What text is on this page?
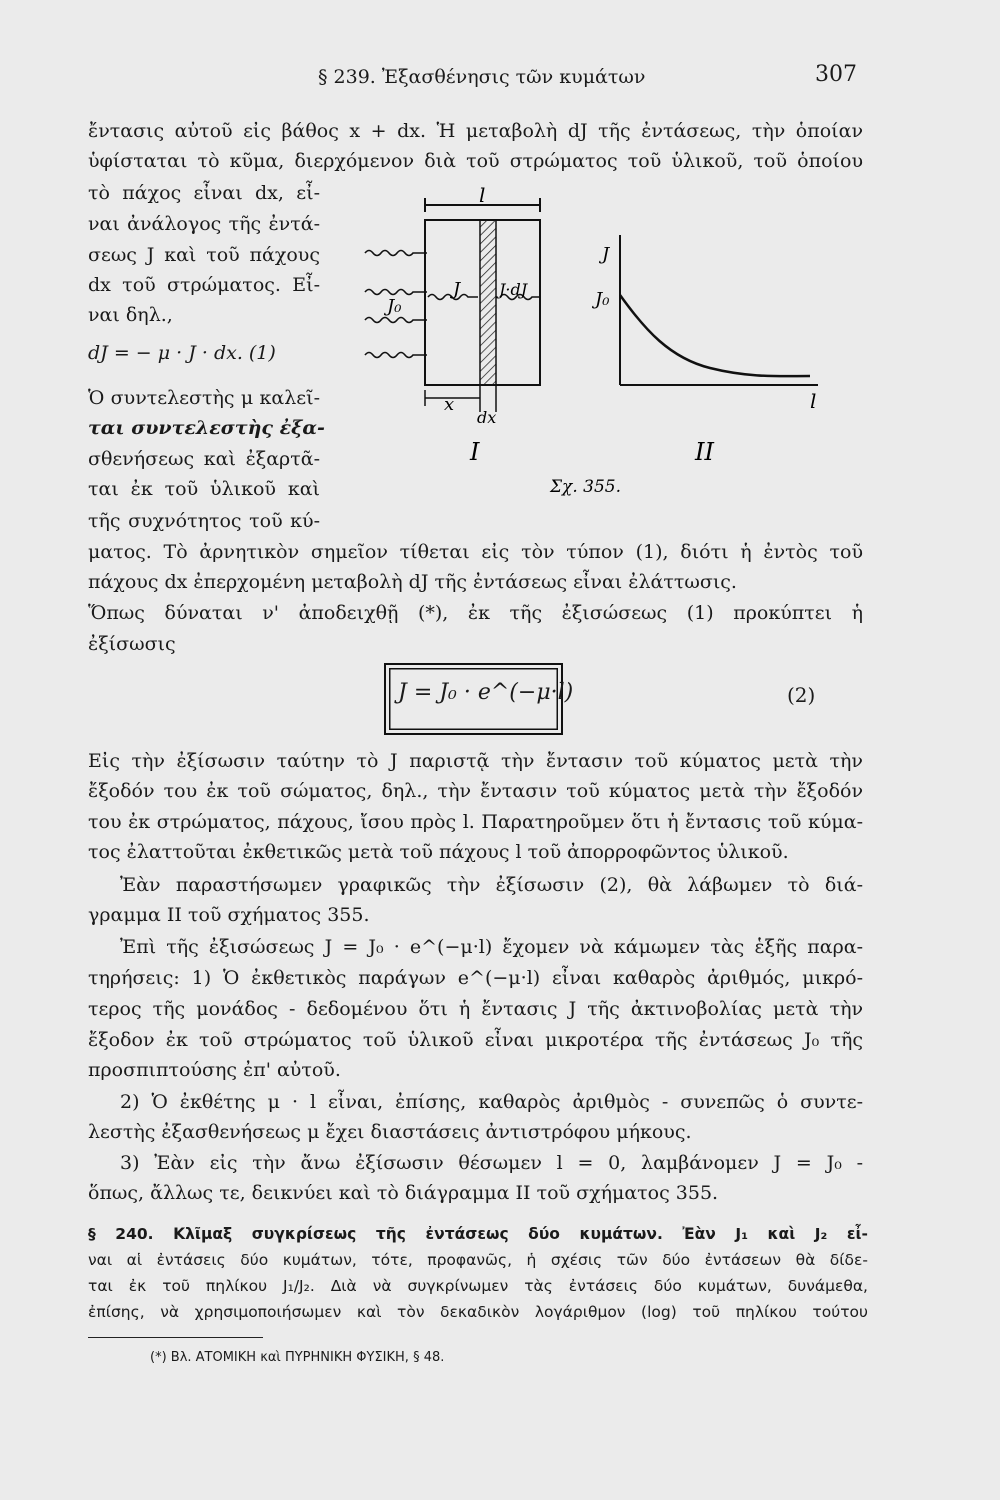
§ 239. Ἐξασθένησις τῶν κυμάτων	307
ἔντασις αὐτοῦ εἰς βάθος x + dx. Ἡ μεταβολὴ dJ τῆς ἐντάσεως, τὴν ὁποίαν
ὑφίσταται τὸ κῦμα, διερχόμενον διὰ τοῦ στρώματος τοῦ ὑλικοῦ, τοῦ ὁποίου
τὸ πάχος εἶναι dx, εἶ-
ναι ἀνάλογος τῆς ἐντά-
σεως J καὶ τοῦ πάχους
dx τοῦ στρώματος. Εἶ-
ναι δηλ.,
dJ = − μ · J · dx. (1)
Ὁ συντελεστὴς μ καλεῖ-
ται συντελεστὴς ἐξα-
σθενήσεως καὶ ἐξαρτᾶ-
ται ἐκ τοῦ ὑλικοῦ καὶ
τῆς συχνότητος τοῦ κύ-
ματος. Τὸ ἀρνητικὸν σημεῖον τίθεται εἰς τὸν τύπον (1), διότι ἡ ἐντὸς τοῦ
πάχους dx ἐπερχομένη μεταβολὴ dJ τῆς ἐντάσεως εἶναι ἐλάττωσις.
Ὅπως δύναται ν' ἀποδειχθῇ (*), ἐκ τῆς ἐξισώσεως (1) προκύπτει ἡ
ἐξίσωσις
J = J₀ · e^(−μ·l)	(2)
Εἰς τὴν ἐξίσωσιν ταύτην τὸ J παριστᾷ τὴν ἔντασιν τοῦ κύματος μετὰ τὴν
ἔξοδόν του ἐκ τοῦ σώματος, δηλ., τὴν ἔντασιν τοῦ κύματος μετὰ τὴν ἔξοδόν
του ἐκ στρώματος, πάχους, ἴσου πρὸς l. Παρατηροῦμεν ὅτι ἡ ἔντασις τοῦ κύμα-
τος ἐλαττοῦται ἐκθετικῶς μετὰ τοῦ πάχους l τοῦ ἀπορροφῶντος ὑλικοῦ.
Ἐὰν παραστήσωμεν γραφικῶς τὴν ἐξίσωσιν (2), θὰ λάβωμεν τὸ διά-
γραμμα II τοῦ σχήματος 355.
Ἐπὶ τῆς ἐξισώσεως J = J₀ · e^(−μ·l) ἔχομεν νὰ κάμωμεν τὰς ἑξῆς παρα-
τηρήσεις: 1) Ὁ ἐκθετικὸς παράγων e^(−μ·l) εἶναι καθαρὸς ἀριθμός, μικρό-
τερος τῆς μονάδος - δεδομένου ὅτι ἡ ἔντασις J τῆς ἀκτινοβολίας μετὰ τὴν
ἔξοδον ἐκ τοῦ στρώματος τοῦ ὑλικοῦ εἶναι μικροτέρα τῆς ἐντάσεως J₀ τῆς
προσπιπτούσης ἐπ' αὐτοῦ.
2) Ὁ ἐκθέτης μ · l εἶναι, ἐπίσης, καθαρὸς ἀριθμὸς - συνεπῶς ὁ συντε-
λεστὴς ἐξασθενήσεως μ ἔχει διαστάσεις ἀντιστρόφου μήκους.
3) Ἐὰν εἰς τὴν ἄνω ἐξίσωσιν θέσωμεν l = 0, λαμβάνομεν J = J₀ -
ὅπως, ἄλλως τε, δεικνύει καὶ τὸ διάγραμμα II τοῦ σχήματος 355.
§ 240. Κλῖμαξ συγκρίσεως τῆς ἐντάσεως δύο κυμάτων. Ἐὰν J₁ καὶ J₂ εἶ-
ναι αἱ ἐντάσεις δύο κυμάτων, τότε, προφανῶς, ἡ σχέσις τῶν δύο ἐντάσεων θὰ δίδε-
ται ἐκ τοῦ πηλίκου J₁/J₂. Διὰ νὰ συγκρίνωμεν τὰς ἐντάσεις δύο κυμάτων, δυνάμεθα,
ἐπίσης, νὰ χρησιμοποιήσωμεν καὶ τὸν δεκαδικὸν λογάριθμον (log) τοῦ πηλίκου τούτου
(*) Βλ. ΑΤΟΜΙΚΗ καὶ ΠΥΡΗΝΙΚΗ ΦΥΣΙΚΗ, § 48.
l
J₀
J J·dJ
x
dx
I
J
J₀
l
II
Σχ. 355.
